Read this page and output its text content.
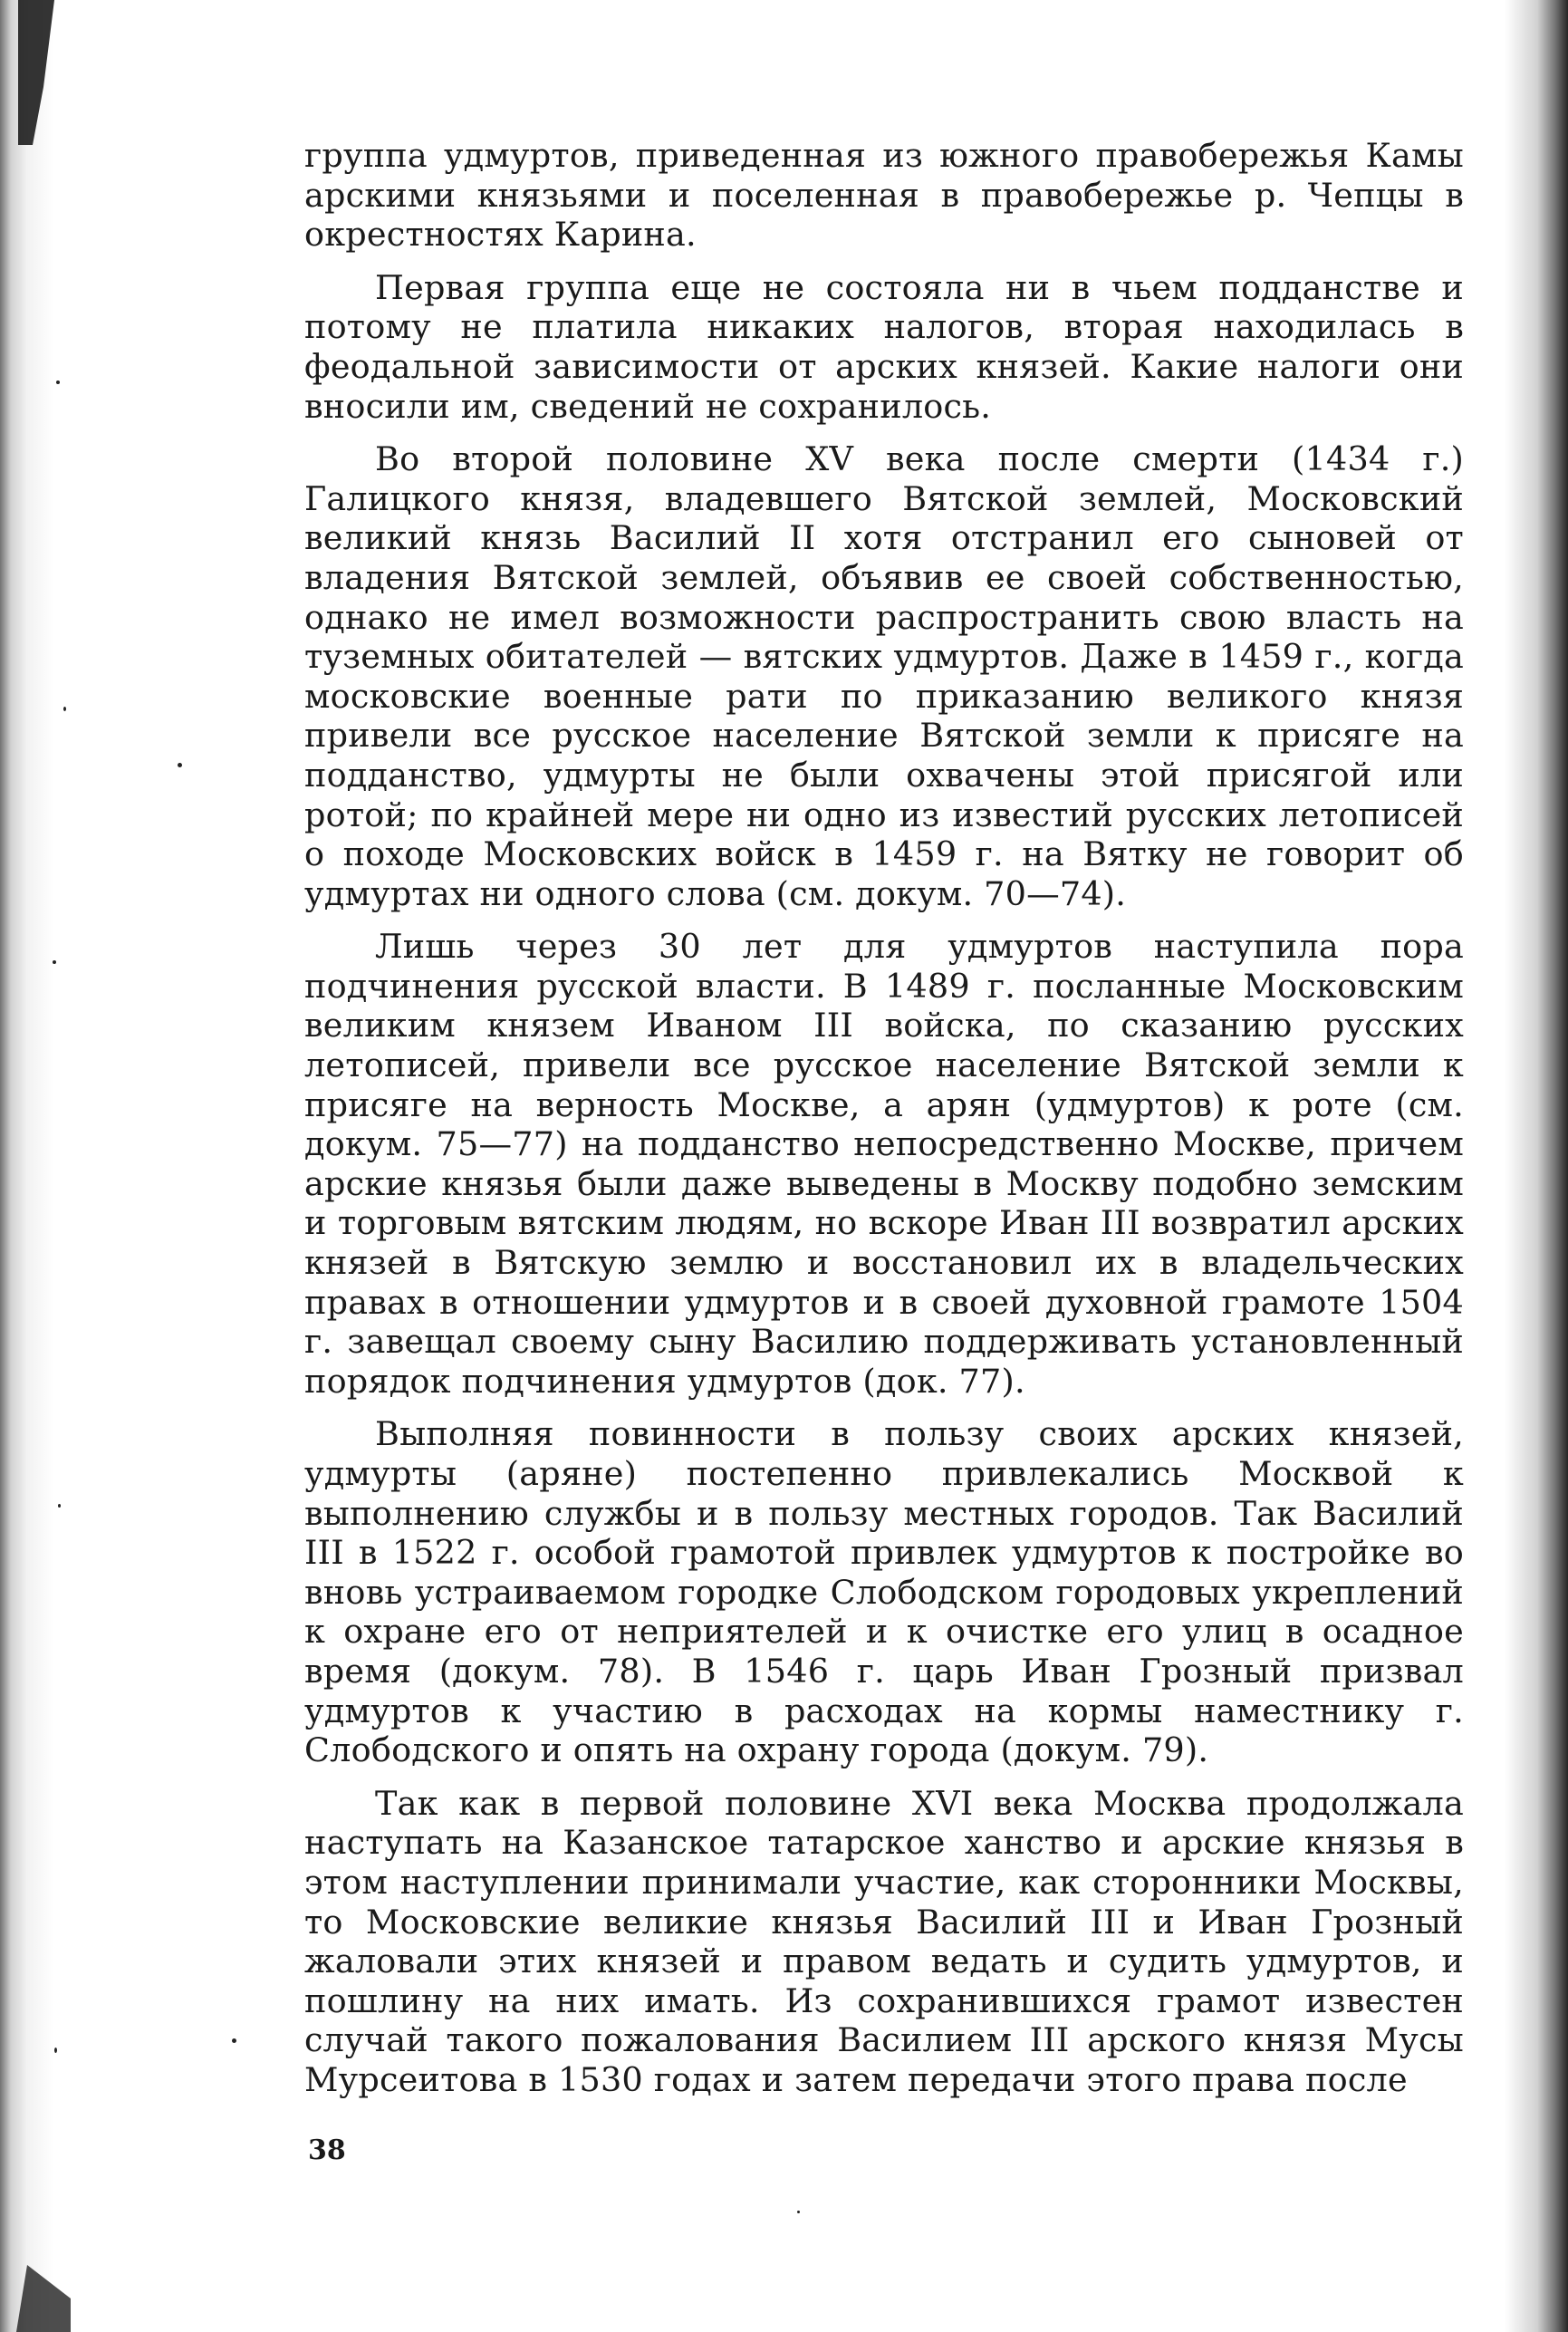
группа удмуртов, приведенная из южного правобережья Камы арскими князьями и поселенная в правобережье р. Чепцы в окрестностях Карина.

Первая группа еще не состояла ни в чьем подданстве и потому не платила никаких налогов, вторая находилась в феодальной зависимости от арских князей. Какие налоги они вносили им, сведений не сохранилось.

Во второй половине XV века после смерти (1434 г.) Галицкого князя, владевшего Вятской землей, Московский великий князь Василий II хотя отстранил его сыновей от владения Вятской землей, объявив ее своей собственностью, однако не имел возможности распространить свою власть на туземных обитателей — вятских удмуртов. Даже в 1459 г., когда московские военные рати по приказанию великого князя привели все русское население Вятской земли к присяге на подданство, удмурты не были охвачены этой присягой или ротой; по крайней мере ни одно из известий русских летописей о походе Московских войск в 1459 г. на Вятку не говорит об удмуртах ни одного слова (см. докум. 70—74).

Лишь через 30 лет для удмуртов наступила пора подчинения русской власти. В 1489 г. посланные Московским великим князем Иваном III войска, по сказанию русских летописей, привели все русское население Вятской земли к присяге на верность Москве, а арян (удмуртов) к роте (см. докум. 75—77) на подданство непосредственно Москве, причем арские князья были даже выведены в Москву подобно земским и торговым вятским людям, но вскоре Иван III возвратил арских князей в Вятскую землю и восстановил их в владельческих правах в отношении удмуртов и в своей духовной грамоте 1504 г. завещал своему сыну Василию поддерживать установленный порядок подчинения удмуртов (док. 77).

Выполняя повинности в пользу своих арских князей, удмурты (аряне) постепенно привлекались Москвой к выполнению службы и в пользу местных городов. Так Василий III в 1522 г. особой грамотой привлек удмуртов к постройке во вновь устраиваемом городке Слободском городовых укреплений к охране его от неприятелей и к очистке его улиц в осадное время (докум. 78). В 1546 г. царь Иван Грозный призвал удмуртов к участию в расходах на кормы наместнику г. Слободского и опять на охрану города (докум. 79).

Так как в первой половине XVI века Москва продолжала наступать на Казанское татарское ханство и арские князья в этом наступлении принимали участие, как сторонники Москвы, то Московские великие князья Василий III и Иван Грозный жаловали этих князей и правом ведать и судить удмуртов, и пошлину на них имать. Из сохранившихся грамот известен случай такого пожалования Василием III арского князя Мусы Мурсеитова в 1530 годах и затем передачи этого права после

38
